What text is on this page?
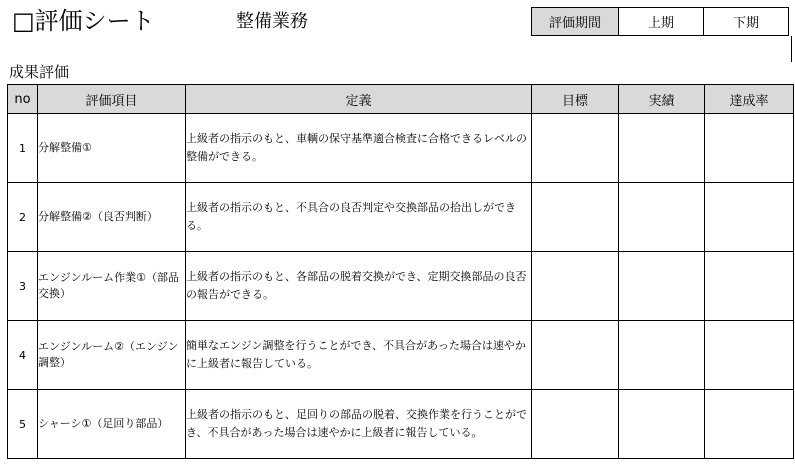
□評価シート	整備業務	評価期間	上期	下期
成果評価
no	評価項目	定義	目標	実績	達成率
1	分解整備①	上級者の指示のもと、車輌の保守基準適合検査に合格できるレベルの整備ができる。			
2	分解整備②（良否判断）	上級者の指示のもと、不具合の良否判定や交換部品の拾出しができる。			
3	エンジンルーム作業①（部品交換）	上級者の指示のもと、各部品の脱着交換ができ、定期交換部品の良否の報告ができる。			
4	エンジンルーム②（エンジン調整）	簡単なエンジン調整を行うことができ、不具合があった場合は速やかに上級者に報告している。			
5	シャーシ①（足回り部品）	上級者の指示のもと、足回りの部品の脱着、交換作業を行うことができ、不具合があった場合は速やかに上級者に報告している。			
